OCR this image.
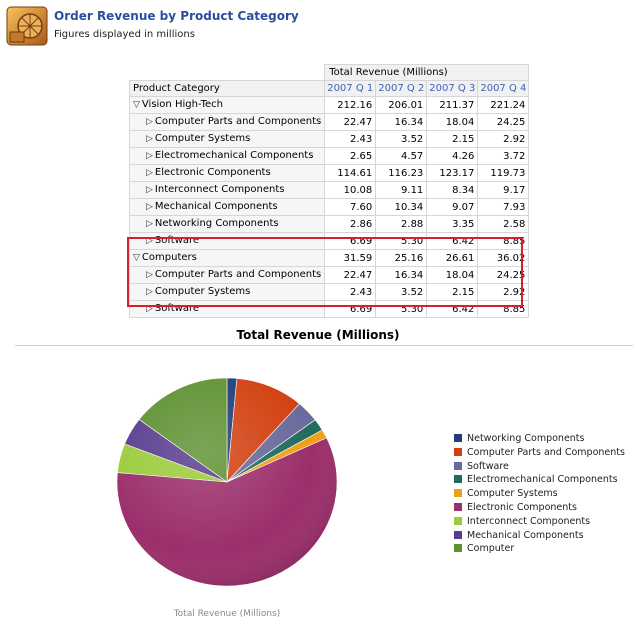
Order Revenue by Product Category
Figures displayed in millions
	Total Revenue (Millions)			
Product Category	2007 Q 1	2007 Q 2	2007 Q 3	2007 Q 4
▽ Vision High-Tech	212.16	206.01	211.37	221.24
▷ Computer Parts and Components	22.47	16.34	18.04	24.25
▷ Computer Systems	2.43	3.52	2.15	2.92
▷ Electromechanical Components	2.65	4.57	4.26	3.72
▷ Electronic Components	114.61	116.23	123.17	119.73
▷ Interconnect Components	10.08	9.11	8.34	9.17
▷ Mechanical Components	7.60	10.34	9.07	7.93
▷ Networking Components	2.86	2.88	3.35	2.58
▷ Software	6.69	5.30	6.42	8.85
▽ Computers	31.59	25.16	26.61	36.02
▷ Computer Parts and Components	22.47	16.34	18.04	24.25
▷ Computer Systems	2.43	3.52	2.15	2.92
▷ Software	6.69	5.30	6.42	8.85
Total Revenue (Millions)
Total Revenue (Millions)
Networking Components
Computer Parts and Components
Software
Electromechanical Components
Computer Systems
Electronic Components
Interconnect Components
Mechanical Components
Computer
